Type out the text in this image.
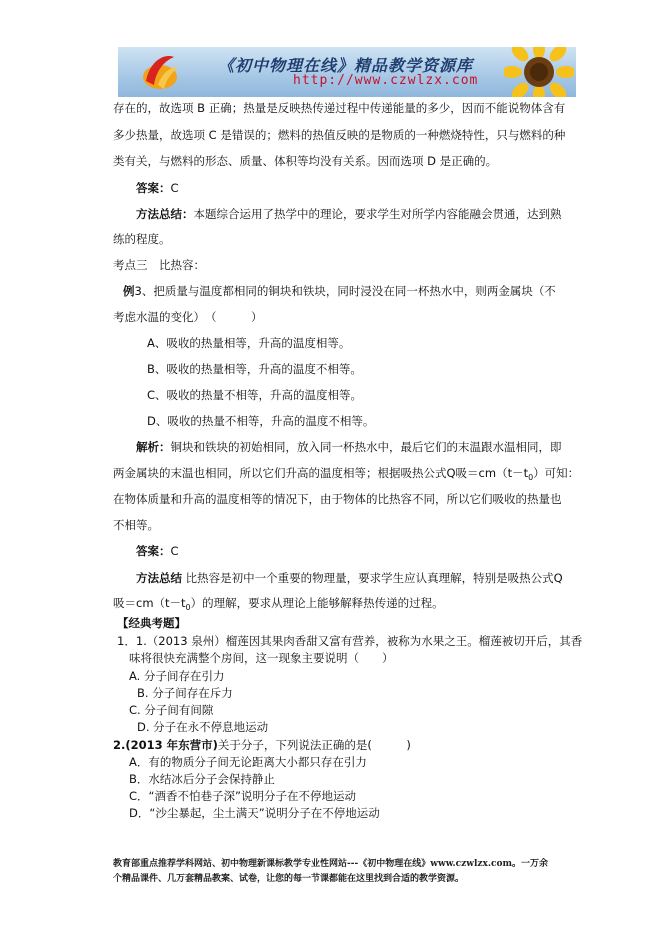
《初中物理在线》精品教学资源库
http://www.czwlzx.com
存在的，故选项 B 正确；热量是反映热传递过程中传递能量的多少，因而不能说物体含有
多少热量，故选项 C 是错误的；燃料的热值反映的是物质的一种燃烧特性，只与燃料的种
类有关，与燃料的形态、质量、体积等均没有关系。因而选项 D 是正确的。
答案：C
方法总结：本题综合运用了热学中的理论，要求学生对所学内容能融会贯通，达到熟
练的程度。
考点三　比热容：
例3、把质量与温度都相同的铜块和铁块，同时浸没在同一杯热水中，则两金属块（不
考虑水温的变化）　（　　　）
A、吸收的热量相等，升高的温度相等。
B、吸收的热量相等，升高的温度不相等。
C、吸收的热量不相等，升高的温度相等。
D、吸收的热量不相等，升高的温度不相等。
解析：铜块和铁块的初始相同，放入同一杯热水中，最后它们的末温跟水温相同，即
两金属块的末温也相同，所以它们升高的温度相等；根据吸热公式Q吸$=cm(t-t_0)$可知：
在物体质量和升高的温度相等的情况下，由于物体的比热容不同，所以它们吸收的热量也
不相等。
答案：C
方法总结 比热容是初中一个重要的物理量，要求学生应认真理解，特别是吸热公式Q
吸$=cm(t-t_0)$的理解，要求从理论上能够解释热传递的过程。
【经典考题】
1．1.（2013 泉州）榴莲因其果肉香甜又富有营养，被称为水果之王。榴莲被切开后，其香
味将很快充满整个房间，这一现象主要说明（　　）
A. 分子间存在引力
B. 分子间存在斥力
C. 分子间有间隙
D. 分子在永不停息地运动
2.(2013 年东营市)关于分子，下列说法正确的是(　　　)
A．有的物质分子间无论距离大小都只存在引力
B．水结冰后分子会保持静止
C．“酒香不怕巷子深”说明分子在不停地运动
D．“沙尘暴起，尘土满天”说明分子在不停地运动
教育部重点推荐学科网站、初中物理新课标教学专业性网站---《初中物理在线》www.czwlzx.com。一万余
个精品课件、几万套精品教案、试卷，让您的每一节课都能在这里找到合适的教学资源。
